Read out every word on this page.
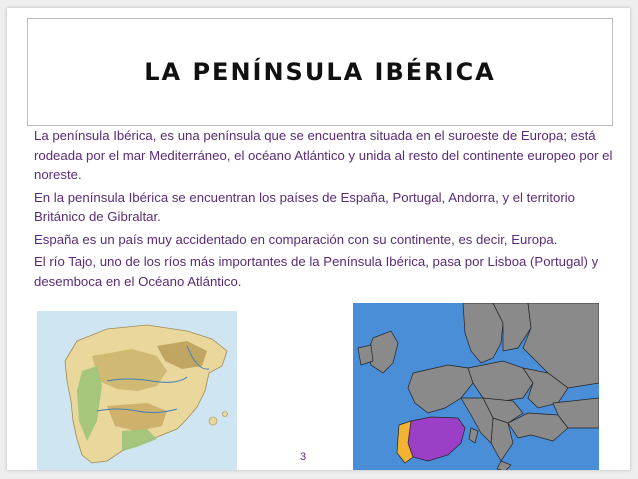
LA PENÍNSULA IBÉRICA

La península Ibérica, es una península que se encuentra situada en el suroeste de Europa; está rodeada por el mar Mediterráneo, el océano Atlántico y unida al resto del continente europeo por el noreste.

En la península Ibérica se encuentran los países de España, Portugal, Andorra, y el territorio Británico de Gibraltar.

España es un país muy accidentado en comparación con su continente, es decir, Europa.

El río Tajo, uno de los ríos más importantes de la Península Ibérica, pasa por Lisboa (Portugal) y desemboca en el Océano Atlántico.

3
